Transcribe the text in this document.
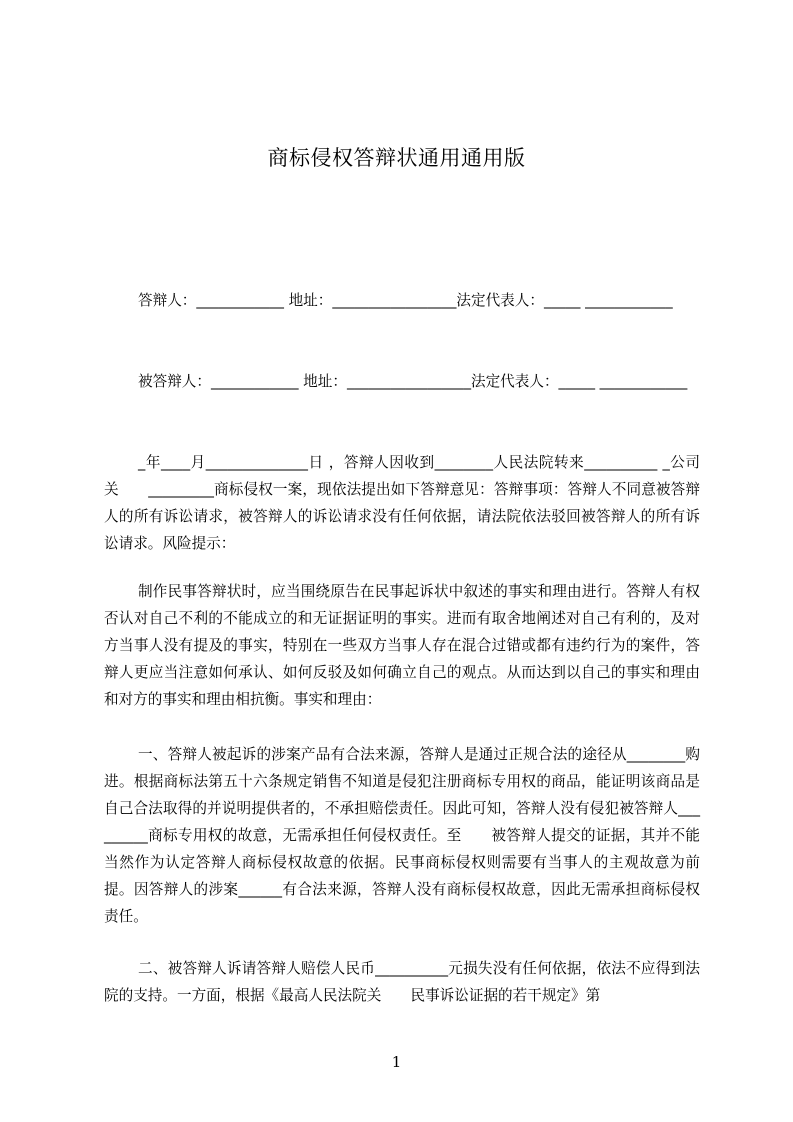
商标侵权答辩状通用通用版
答辩人：____________ 地址：_________________法定代表人：_____ ____________
被答辩人：____________ 地址：_________________法定代表人：_____ ____________
_年____月______________日 ，答辩人因收到________人民法院转来__________ _公司关　　_________商标侵权一案，现依法提出如下答辩意见：答辩事项：答辩人不同意被答辩人的所有诉讼请求，被答辩人的诉讼请求没有任何依据，请法院依法驳回被答辩人的所有诉讼请求。风险提示：
制作民事答辩状时，应当围绕原告在民事起诉状中叙述的事实和理由进行。答辩人有权否认对自己不利的不能成立的和无证据证明的事实。进而有取舍地阐述对自己有利的，及对方当事人没有提及的事实，特别在一些双方当事人存在混合过错或都有违约行为的案件，答辩人更应当注意如何承认、如何反驳及如何确立自己的观点。从而达到以自己的事实和理由和对方的事实和理由相抗衡。事实和理由：
一、答辩人被起诉的涉案产品有合法来源，答辩人是通过正规合法的途径从________购进。根据商标法第五十六条规定销售不知道是侵犯注册商标专用权的商品，能证明该商品是自己合法取得的并说明提供者的，不承担赔偿责任。因此可知，答辩人没有侵犯被答辩人_________商标专用权的故意，无需承担任何侵权责任。至　　被答辩人提交的证据，其并不能当然作为认定答辩人商标侵权故意的依据。民事商标侵权则需要有当事人的主观故意为前提。因答辩人的涉案______有合法来源，答辩人没有商标侵权故意，因此无需承担商标侵权责任。
二、被答辩人诉请答辩人赔偿人民币__________元损失没有任何依据，依法不应得到法院的支持。一方面，根据《最高人民法院关　　民事诉讼证据的若干规定》第
1
